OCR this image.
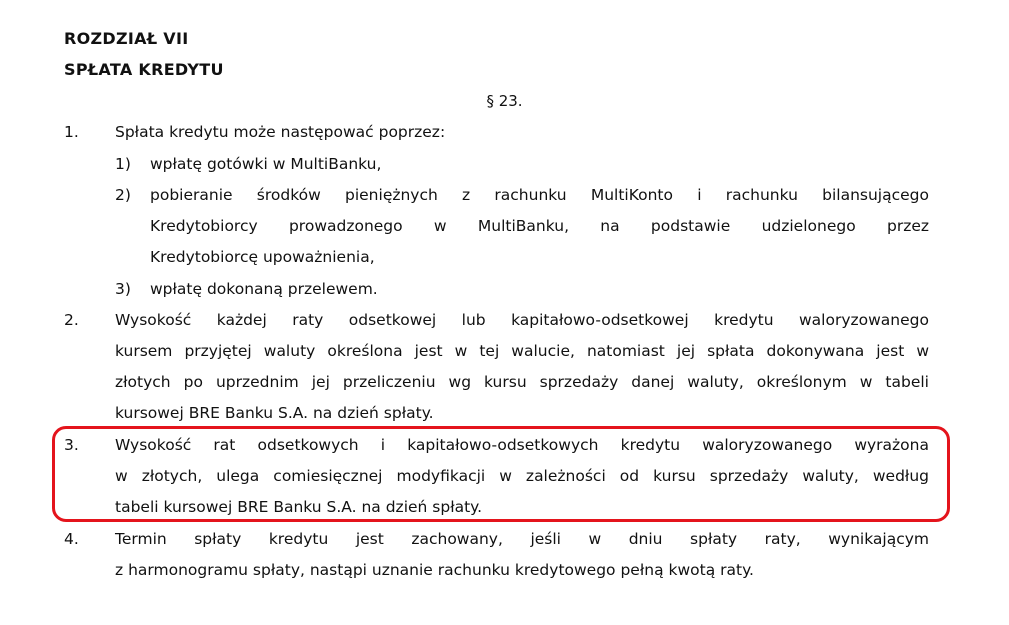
ROZDZIAŁ VII
SPŁATA KREDYTU
§ 23.
1. Spłata kredytu może następować poprzez:
1) wpłatę gotówki w MultiBanku,
2) pobieranie środków pieniężnych z rachunku MultiKonto i rachunku bilansującego
Kredytobiorcy prowadzonego w MultiBanku, na podstawie udzielonego przez
Kredytobiorcę upoważnienia,
3) wpłatę dokonaną przelewem.
2. Wysokość każdej raty odsetkowej lub kapitałowo-odsetkowej kredytu waloryzowanego
kursem przyjętej waluty określona jest w tej walucie, natomiast jej spłata dokonywana jest w
złotych po uprzednim jej przeliczeniu wg kursu sprzedaży danej waluty, określonym w tabeli
kursowej BRE Banku S.A. na dzień spłaty.
3. Wysokość rat odsetkowych i kapitałowo-odsetkowych kredytu waloryzowanego wyrażona
w złotych, ulega comiesięcznej modyfikacji w zależności od kursu sprzedaży waluty, według
tabeli kursowej BRE Banku S.A. na dzień spłaty.
4. Termin spłaty kredytu jest zachowany, jeśli w dniu spłaty raty, wynikającym
z harmonogramu spłaty, nastąpi uznanie rachunku kredytowego pełną kwotą raty.
